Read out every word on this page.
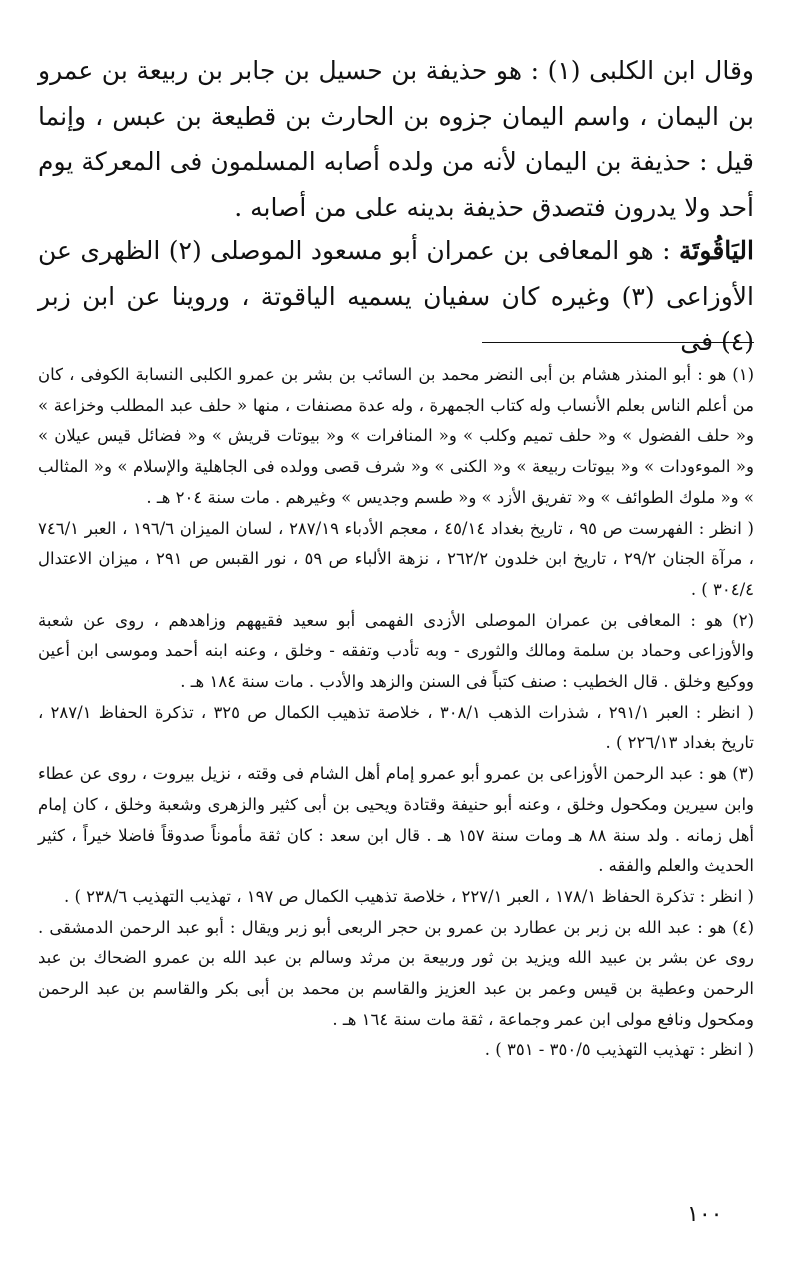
وقال ابن الكلبى (١) : هو حذيفة بن حسيل بن جابر بن ربيعة بن عمرو بن اليمان ، واسم اليمان جزوه بن الحارث بن قطيعة بن عبس ، وإنما قيل : حذيفة بن اليمان لأنه من ولده أصابه المسلمون فى المعركة يوم أحد ولا يدرون فتصدق حذيفة بدينه على من أصابه .

اليَاقُوتَة : هو المعافى بن عمران أبو مسعود الموصلى (٢) الظهرى عن الأوزاعى (٣) وغيره كان سفيان يسميه الياقوتة ، وروينا عن ابن زبر (٤) فى

(١) هو : أبو المنذر هشام بن أبى النضر محمد بن السائب بن بشر بن عمرو الكلبى النسابة الكوفى ، كان من أعلم الناس بعلم الأنساب وله كتاب الجمهرة ، وله عدة مصنفات ، منها « حلف عبد المطلب وخزاعة » و« حلف الفضول » و« حلف تميم وكلب » و« المنافرات » و« بيوتات قريش » و« فضائل قيس عيلان » و« الموءودات » و« بيوتات ربيعة » و« الكنى » و« شرف قصى وولده فى الجاهلية والإسلام » و« المثالب » و« ملوك الطوائف » و« تفريق الأزد » و« طسم وجديس » وغيرهم . مات سنة ٢٠٤ هـ .

( انظر : الفهرست ص ٩٥ ، تاريخ بغداد ٤٥/١٤ ، معجم الأدباء ٢٨٧/١٩ ، لسان الميزان ١٩٦/٦ ، العبر ٧٤٦/١ ، مرآة الجنان ٢٩/٢ ، تاريخ ابن خلدون ٢٦٢/٢ ، نزهة الألباء ص ٥٩ ، نور القبس ص ٢٩١ ، ميزان الاعتدال ٣٠٤/٤ ) .

(٢) هو : المعافى بن عمران الموصلى الأزدى الفهمى أبو سعيد فقيههم وزاهدهم ، روى عن شعبة والأوزاعى وحماد بن سلمة ومالك والثورى - وبه تأدب وتفقه - وخلق ، وعنه ابنه أحمد وموسى ابن أعين ووكيع وخلق . قال الخطيب : صنف كتباً فى السنن والزهد والأدب . مات سنة ١٨٤ هـ .

( انظر : العبر ٢٩١/١ ، شذرات الذهب ٣٠٨/١ ، خلاصة تذهيب الكمال ص ٣٢٥ ، تذكرة الحفاظ ٢٨٧/١ ، تاريخ بغداد ٢٢٦/١٣ ) .

(٣) هو : عبد الرحمن الأوزاعى بن عمرو أبو عمرو إمام أهل الشام فى وقته ، نزيل بيروت ، روى عن عطاء وابن سيرين ومكحول وخلق ، وعنه أبو حنيفة وقتادة ويحيى بن أبى كثير والزهرى وشعبة وخلق ، كان إمام أهل زمانه . ولد سنة ٨٨ هـ ومات سنة ١٥٧ هـ . قال ابن سعد : كان ثقة مأموناً صدوقاً فاضلا خيراً ، كثير الحديث والعلم والفقه .

( انظر : تذكرة الحفاظ ١٧٨/١ ، العبر ٢٢٧/١ ، خلاصة تذهيب الكمال ص ١٩٧ ، تهذيب التهذيب ٢٣٨/٦ ) .

(٤) هو : عبد الله بن زبر بن عطارد بن عمرو بن حجر الربعى أبو زبر ويقال : أبو عبد الرحمن الدمشقى . روى عن بشر بن عبيد الله ويزيد بن ثور وربيعة بن مرثد وسالم بن عبد الله بن عمرو الضحاك بن عبد الرحمن وعطية بن قيس وعمر بن عبد العزيز والقاسم بن محمد بن أبى بكر والقاسم بن عبد الرحمن ومكحول ونافع مولى ابن عمر وجماعة ، ثقة مات سنة ١٦٤ هـ .

( انظر : تهذيب التهذيب ٣٥٠/٥ - ٣٥١ ) .

١٠٠
